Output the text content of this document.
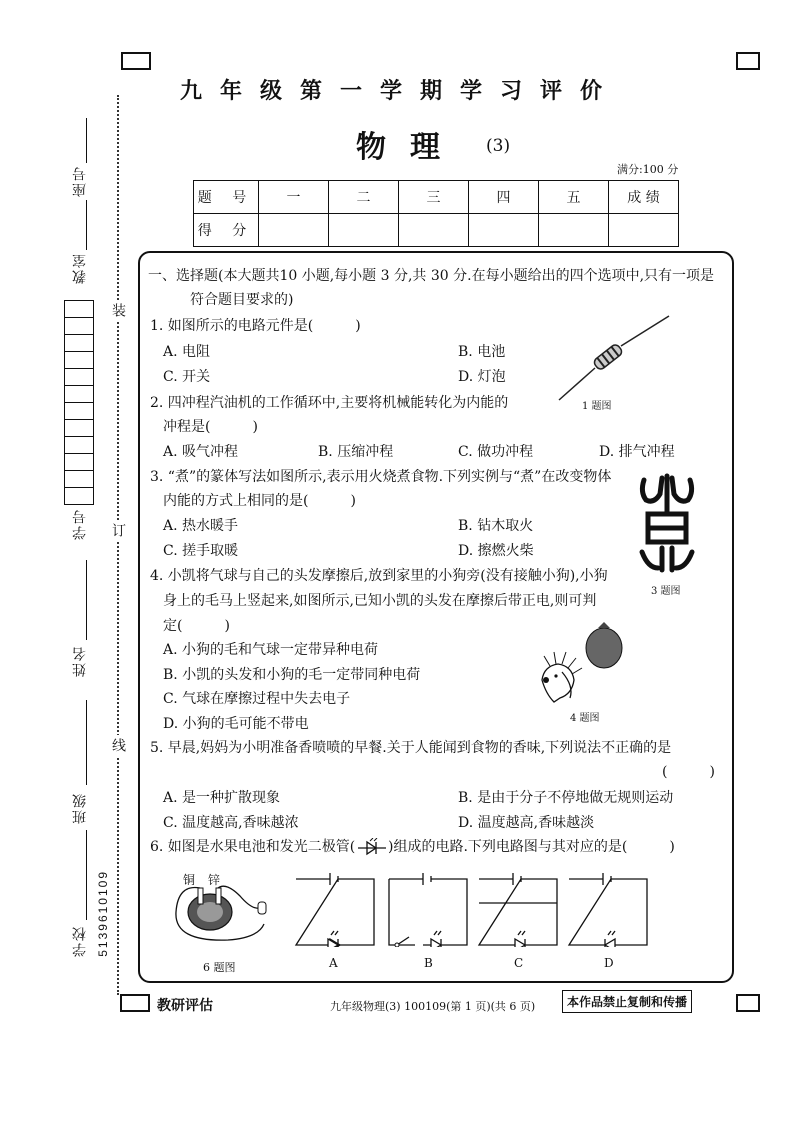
九年级第一学期学习评价
物理 (3)
满分:100 分
题 号	一	二	三	四	五	成 绩
得 分						
装
订
线
座号
教室
学号
姓名
班级
学校 5139610109
一、选择题(本大题共10 小题,每小题 3 分,共 30 分.在每小题给出的四个选项中,只有一项是
符合题目要求的)
1. 如图所示的电路元件是(　　　)
A. 电阻	B. 电池
C. 开关	D. 灯泡
1 题图
2. 四冲程汽油机的工作循环中,主要将机械能转化为内能的
冲程是(　　　)
A. 吸气冲程	B. 压缩冲程	C. 做功冲程	D. 排气冲程
3. “煮”的篆体写法如图所示,表示用火烧煮食物.下列实例与“煮”在改变物体
内能的方式上相同的是(　　　)
A. 热水暖手	B. 钻木取火
C. 搓手取暖	D. 擦燃火柴
3 题图
4. 小凯将气球与自己的头发摩擦后,放到家里的小狗旁(没有接触小狗),小狗
身上的毛马上竖起来,如图所示,已知小凯的头发在摩擦后带正电,则可判
定(　　　)
A. 小狗的毛和气球一定带异种电荷
B. 小凯的头发和小狗的毛一定带同种电荷
C. 气球在摩擦过程中失去电子
D. 小狗的毛可能不带电	4 题图
5. 早晨,妈妈为小明准备香喷喷的早餐.关于人能闻到食物的香味,下列说法不正确的是
(　　　)
A. 是一种扩散现象	B. 是由于分子不停地做无规则运动
C. 温度越高,香味越浓	D. 温度越高,香味越淡
6. 如图是水果电池和发光二极管( )组成的电路.下列电路图与其对应的是(　　　)
铜 锌
6 题图	A	B	C	D
教研评估	九年级物理(3) 100109(第 1 页)(共 6 页)	本作品禁止复制和传播
